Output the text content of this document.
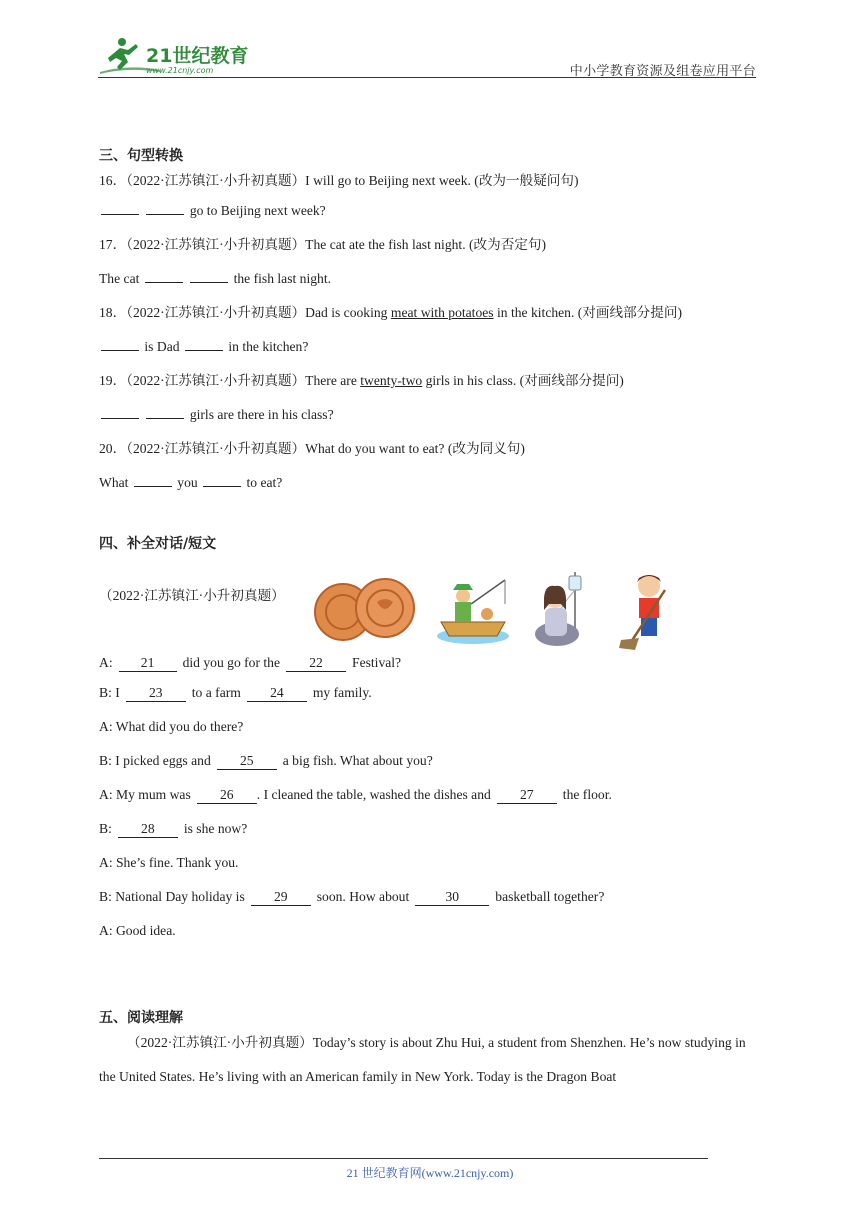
21世纪教育
www.21cnjy.com	中小学教育资源及组卷应用平台
三、句型转换
16．（2022·江苏镇江·小升初真题）I will go to Beijing next week. (改为一般疑问句)
go to Beijing next week?
17．（2022·江苏镇江·小升初真题）The cat ate the fish last night. (改为否定句)
The cat	the fish last night.
18．（2022·江苏镇江·小升初真题）Dad is cooking meat with potatoes in the kitchen. (对画线部分提问)
is Dad	in the kitchen?
19．（2022·江苏镇江·小升初真题）There are twenty-two girls in his class. (对画线部分提问)
girls are there in his class?
20．（2022·江苏镇江·小升初真题）What do you want to eat? (改为同义句)
What	you	to eat?
四、补全对话/短文
（2022·江苏镇江·小升初真题）
A: 21 did you go for the 22 Festival?
B: I 23 to a farm 24 my family.
A: What did you do there?
B: I picked eggs and 25 a big fish. What about you?
A: My mum was 26 . I cleaned the table, washed the dishes and 27 the floor.
B: 28 is she now?
A: She’s fine. Thank you.
B: National Day holiday is 29 soon. How about	30	basketball together?
A: Good idea.
五、阅读理解

（2022·江苏镇江·小升初真题）Today’s story is about Zhu Hui, a student from Shenzhen. He’s now studying in the United States. He’s living with an American family in New York. Today is the Dragon Boat

21 世纪教育网(www.21cnjy.com)
